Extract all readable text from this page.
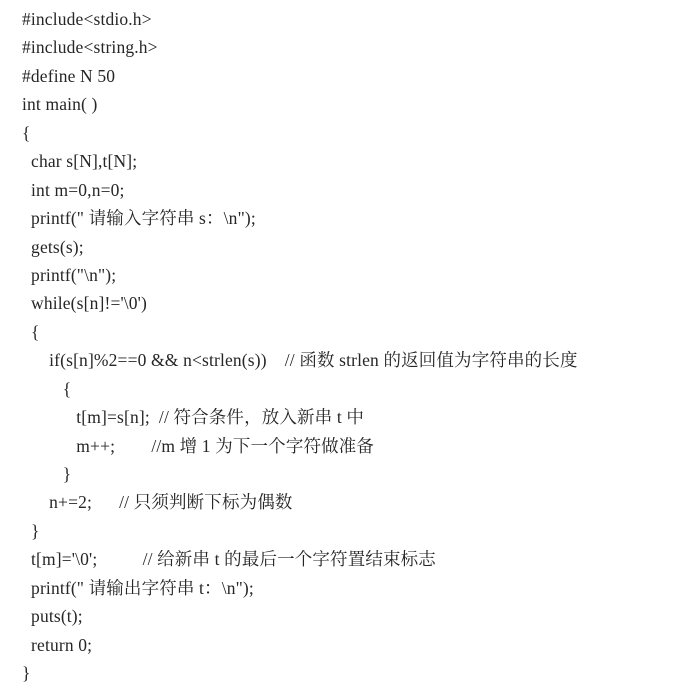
#include<stdio.h>
#include<string.h>
#define N 50
int main( )
{
char s[N],t[N];
int m=0,n=0;
printf(" 请输入字符串 s：\n");
gets(s);
printf("\n");
while(s[n]!='\0')
{
if(s[n]%2==0 && n<strlen(s))    // 函数 strlen 的返回值为字符串的长度
{
t[m]=s[n];  // 符合条件，放入新串 t 中
m++;        //m 增 1 为下一个字符做准备
}
n+=2;      // 只须判断下标为偶数
}
t[m]='\0';          // 给新串 t 的最后一个字符置结束标志
printf(" 请输出字符串 t：\n");
puts(t);
return 0;
}
